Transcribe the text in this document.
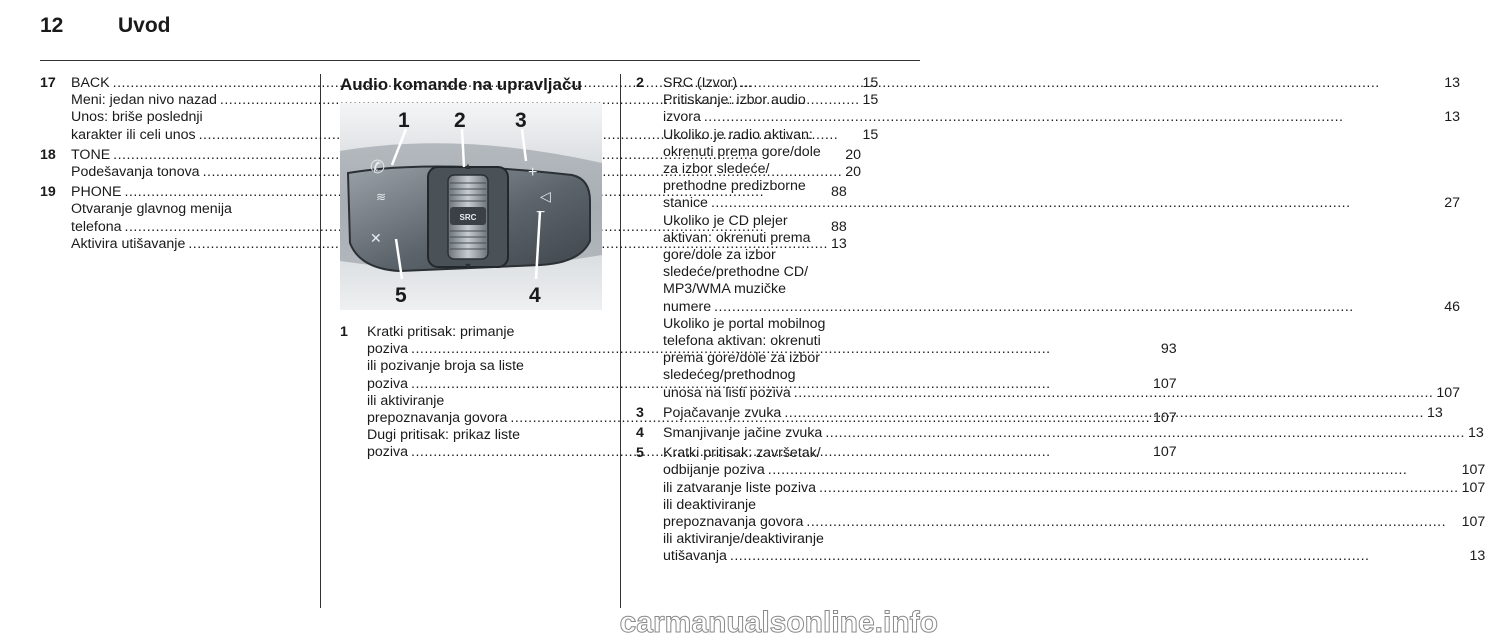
12	Uvod
17	BACK .....	15
Meni: jedan nivo nazad .....	15
Unos: briše poslednji
karakter ili celi unos .....	15
18	TONE .....	20
Podešavanja tonova .....	20
19	PHONE .....	88
Otvaranje glavnog menija
telefona .....	88
Aktivira utišavanje .....	13
Audio komande na upravljaču
SRC
▲
▼
✆
≋
✕
+
◁
−
1 2 3
4
5
1	Kratki pritisak: primanje
poziva .....	93
ili pozivanje broja sa liste
poziva .....	107
ili aktiviranje
prepoznavanja govora .....	107
Dugi pritisak: prikaz liste
poziva .....	107
2	SRC (Izvor) .....	13
Pritiskanje: izbor audio
izvora .....	13
Ukoliko je radio aktivan:
okrenuti prema gore/dole
za izbor sledeće/
prethodne predizborne
stanice .....	27
Ukoliko je CD plejer
aktivan: okrenuti prema
gore/dole za izbor
sledeće/prethodne CD/
MP3/WMA muzičke
numere .....	46
Ukoliko je portal mobilnog
telefona aktivan: okrenuti
prema gore/dole za izbor
sledećeg/prethodnog
unosa na listi poziva .....	107
3	Pojačavanje zvuka .....	13
4	Smanjivanje jačine zvuka .....	13
5	Kratki pritisak: završetak/
odbijanje poziva .....	107
ili zatvaranje liste poziva .....	107
ili deaktiviranje
prepoznavanja govora .....	107
ili aktiviranje/deaktiviranje
utišavanja .....	13
carmanualsonline.info
